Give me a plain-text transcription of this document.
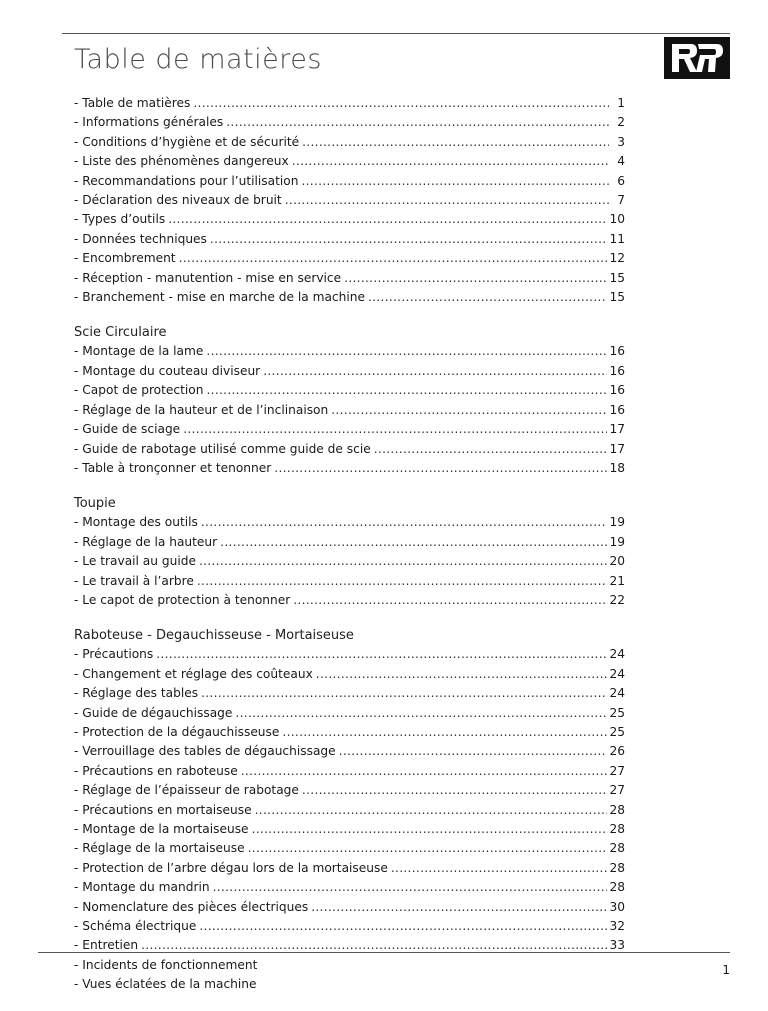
Table de matières
- Table de matières .....	1
- Informations générales .....	2
- Conditions d’hygiène et de sécurité .....	3
- Liste des phénomènes dangereux .....	4
- Recommandations pour l’utilisation .....	6
- Déclaration des niveaux de bruit .....	7
- Types d’outils .....	10
- Données techniques .....	11
- Encombrement .....	12
- Réception - manutention - mise en service .....	15
- Branchement - mise en marche de la machine .....	15
Scie Circulaire
- Montage de la lame .....	16
- Montage du couteau diviseur .....	16
- Capot de protection .....	16
- Réglage de la hauteur et de l’inclinaison .....	16
- Guide de sciage .....	17
- Guide de rabotage utilisé comme guide de scie .....	17
- Table à tronçonner et tenonner .....	18
Toupie
- Montage des outils .....	19
- Réglage de la hauteur .....	19
- Le travail au guide .....	20
- Le travail à l’arbre .....	21
- Le capot de protection à tenonner .....	22
Raboteuse - Degauchisseuse - Mortaiseuse
- Précautions .....	24
- Changement et réglage des coûteaux .....	24
- Réglage des tables .....	24
- Guide de dégauchissage .....	25
- Protection de la dégauchisseuse .....	25
- Verrouillage des tables de dégauchissage .....	26
- Précautions en raboteuse .....	27
- Réglage de l’épaisseur de rabotage .....	27
- Précautions en mortaiseuse .....	28
- Montage de la mortaiseuse .....	28
- Réglage de la mortaiseuse .....	28
- Protection de l’arbre dégau lors de la mortaiseuse .....	28
- Montage du mandrin .....	28
- Nomenclature des pièces électriques .....	30
- Schéma électrique .....	32
- Entretien .....	33
- Incidents de fonctionnement
- Vues éclatées de la machine
1
